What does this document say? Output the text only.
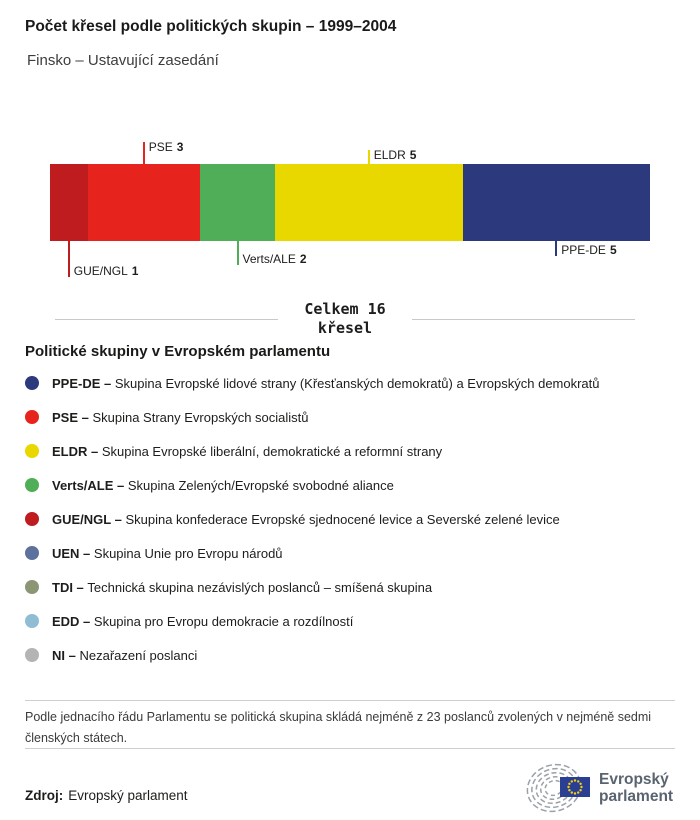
Počet křesel podle politických skupin – 1999–2004
Finsko – Ustavující zasedání
GUE/NGL 1
PSE 3
Verts/ALE 2
ELDR 5
PPE-DE 5
Celkem 16
křesel
Politické skupiny v Evropském parlamentu
PPE-DE – Skupina Evropské lidové strany (Křesťanských demokratů) a Evropských demokratů
PSE – Skupina Strany Evropských socialistů
ELDR – Skupina Evropské liberální, demokratické a reformní strany
Verts/ALE – Skupina Zelených/Evropské svobodné aliance
GUE/NGL – Skupina konfederace Evropské sjednocené levice a Severské zelené levice
UEN – Skupina Unie pro Evropu národů
TDI – Technická skupina nezávislých poslanců – smíšená skupina
EDD – Skupina pro Evropu demokracie a rozdílností
NI – Nezařazení poslanci
Podle jednacího řádu Parlamentu se politická skupina skládá nejméně z 23 poslanců zvolených v nejméně sedmi členských státech.
Zdroj: Evropský parlament
Evropský
parlament
